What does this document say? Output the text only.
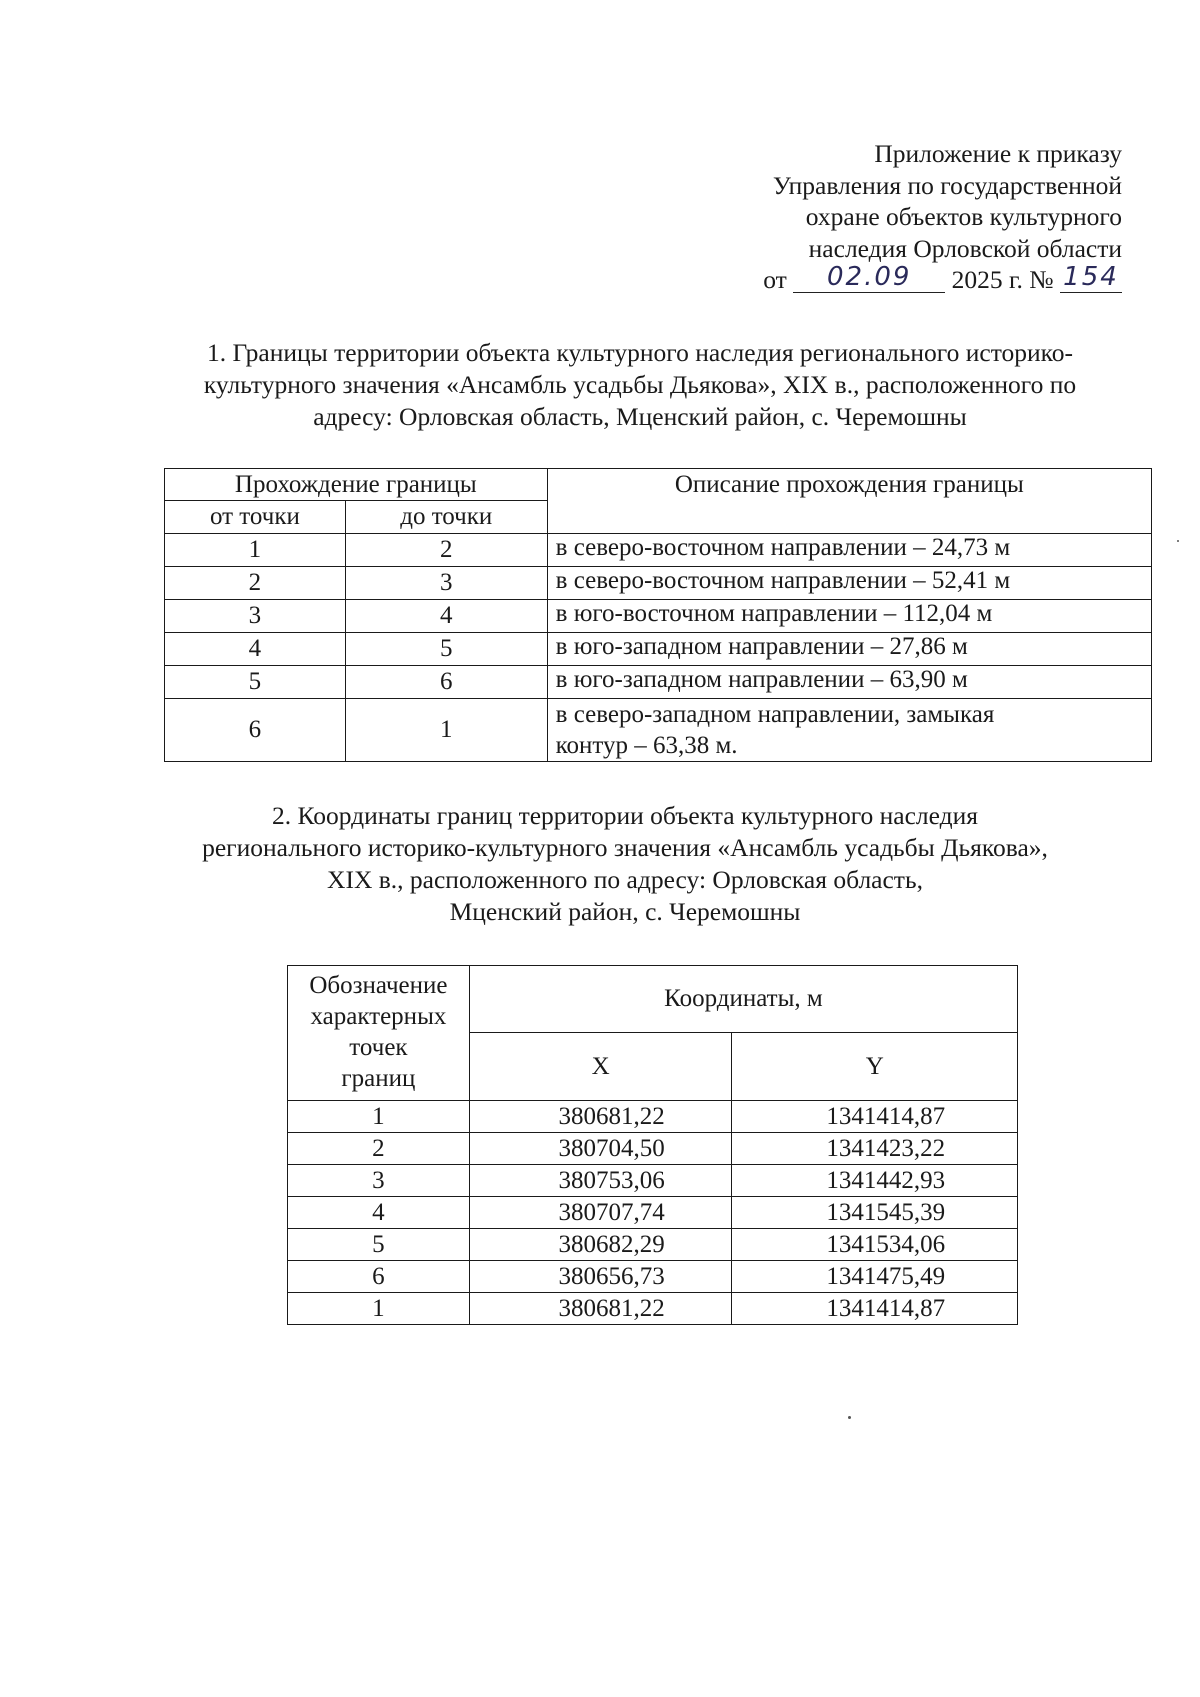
Приложение к приказу
Управления по государственной
охране объектов культурного
наследия Орловской области
от 02.09 2025 г. № 154
1. Границы территории объекта культурного наследия регионального историко-
культурного значения «Ансамбль усадьбы Дьякова», XIX в., расположенного по
адресу: Орловская область, Мценский район, с. Черемошны
Прохождение границы		Описание прохождения границы
от точки	до точки	
1	2	в северо-восточном направлении – 24,73 м
2	3	в северо-восточном направлении – 52,41 м
3	4	в юго-восточном направлении – 112,04 м
4	5	в юго-западном направлении – 27,86 м
5	6	в юго-западном направлении – 63,90 м
6	1	в северо-западном направлении, замыкая
контур – 63,38 м.
2. Координаты границ территории объекта культурного наследия
регионального историко-культурного значения «Ансамбль усадьбы Дьякова»,
XIX в., расположенного по адресу: Орловская область,
Мценский район, с. Черемошны
Обозначение
характерных
точек
границ	Координаты, м	
	X	Y
1	380681,22	1341414,87
2	380704,50	1341423,22
3	380753,06	1341442,93
4	380707,74	1341545,39
5	380682,29	1341534,06
6	380656,73	1341475,49
1	380681,22	1341414,87
